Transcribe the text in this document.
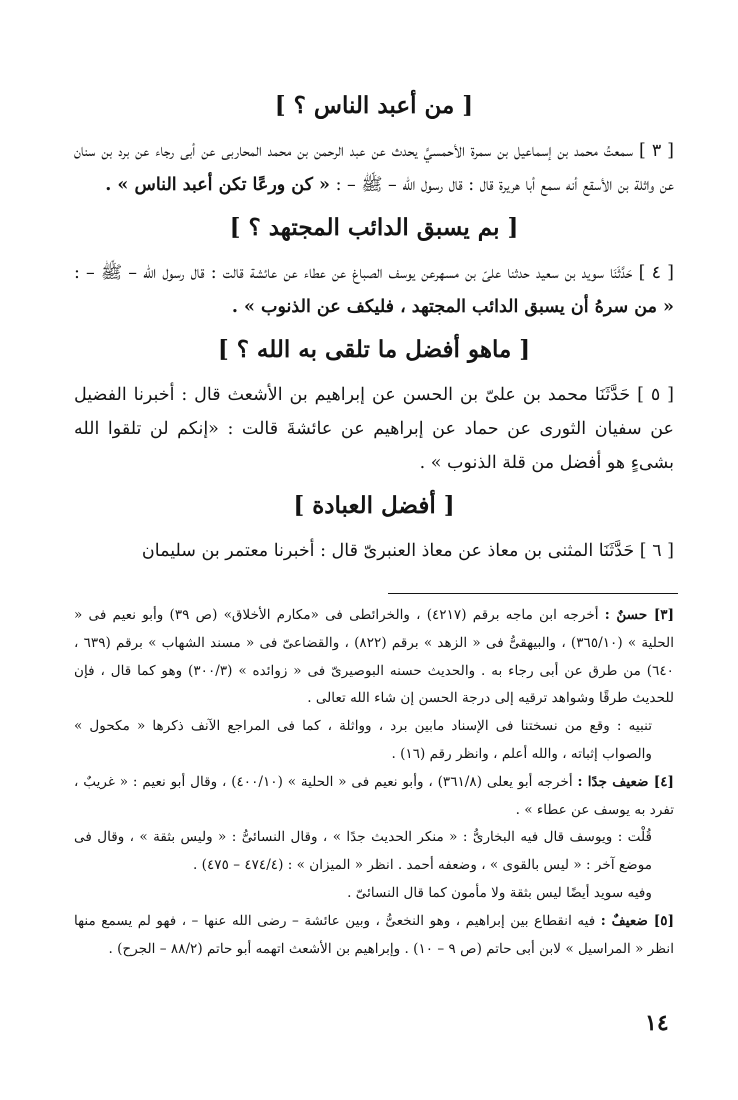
[ من أعبد الناس ؟ ]

[ ٣ ] سمعتُ محمد بن إسماعيل بن سمرة الأحمسيَّ يحدث عن عبد الرحمن بن محمد المحاربى عن أبى رجاء عن برد بن سنان عن واثلة بن الأسقع أنه سمع أبا هريرة قال : قال رسول الله – ﷺ – : « كن ورعًا تكن أعبد الناس » .

[ بم يسبق الدائب المجتهد ؟ ]

[ ٤ ] حَدَّثَنَا سويد بن سعيد حدثنا علىّ بن مسهرعن يوسف الصباغ عن عطاء عن عائشة قالت : قال رسول الله – ﷺ – : « من سرهُ أن يسبق الدائب المجتهد ، فليكف عن الذنوب » .

[ ماهو أفضل ما تلقى به الله ؟ ]

[ ٥ ] حَدَّثَنَا محمد بن علىّ بن الحسن عن إبراهيم بن الأشعث قال : أخبرنا الفضيل عن سفيان الثورى عن حماد عن إبراهيم عن عائشةَ قالت : «إنكم لن تلقوا الله بشىءٍ هو أفضل من قلة الذنوب » .

[ أفضل العبادة ]

[ ٦ ] حَدَّثَنَا المثنى بن معاذ عن معاذ العنبرىّ قال : أخبرنا معتمر بن سليمان

[٣] حسنٌ : أخرجه ابن ماجه برقم (٤٢١٧) ، والخرائطى فى «مكارم الأخلاق» (ص ٣٩) وأبو نعيم فى « الحلية » (٣٦٥/١٠) ، والبيهقىُّ فى « الزهد » برقم (٨٢٢) ، والقضاعىّ فى « مسند الشهاب » برقم (٦٣٩ ، ٦٤٠) من طرق عن أبى رجاء به . والحديث حسنه البوصيرىّ فى « زوائده » (٣٠٠/٣) وهو كما قال ، فإن للحديث طرقًا وشواهد ترقيه إلى درجة الحسن إن شاء الله تعالى .

تنبيه : وقع من نسختنا فى الإسناد مابين برد ، وواثلة ، كما فى المراجع الآنف ذكرها « مكحول » والصواب إثباته ، والله أعلم ، وانظر رقم (١٦) .

[٤] ضعيف جدًا : أخرجه أبو يعلى (٣٦١/٨) ، وأبو نعيم فى « الحلية » (٤٠٠/١٠) ، وقال أبو نعيم : « غريبٌ ، تفرد به يوسف عن عطاء » .

قُلْت : ويوسف قال فيه البخارىُّ : « منكر الحديث جدًا » ، وقال النسائىُّ : « وليس بثقة » ، وقال فى موضع آخر : « ليس بالقوى » ، وضعفه أحمد . انظر « الميزان » : (٤٧٤/٤ – ٤٧٥) .

وفيه سويد أيضًا ليس بثقة ولا مأمون كما قال النسائىّ .

[٥] ضعيفٌ : فيه انقطاع بين إبراهيم ، وهو النخعىُّ ، وبين عائشة – رضى الله عنها – ، فهو لم يسمع منها انظر « المراسيل » لابن أبى حاتم (ص ٩ – ١٠) . وإبراهيم بن الأشعث اتهمه أبو حاتم (٨٨/٢ – الجرح) .

١٤
